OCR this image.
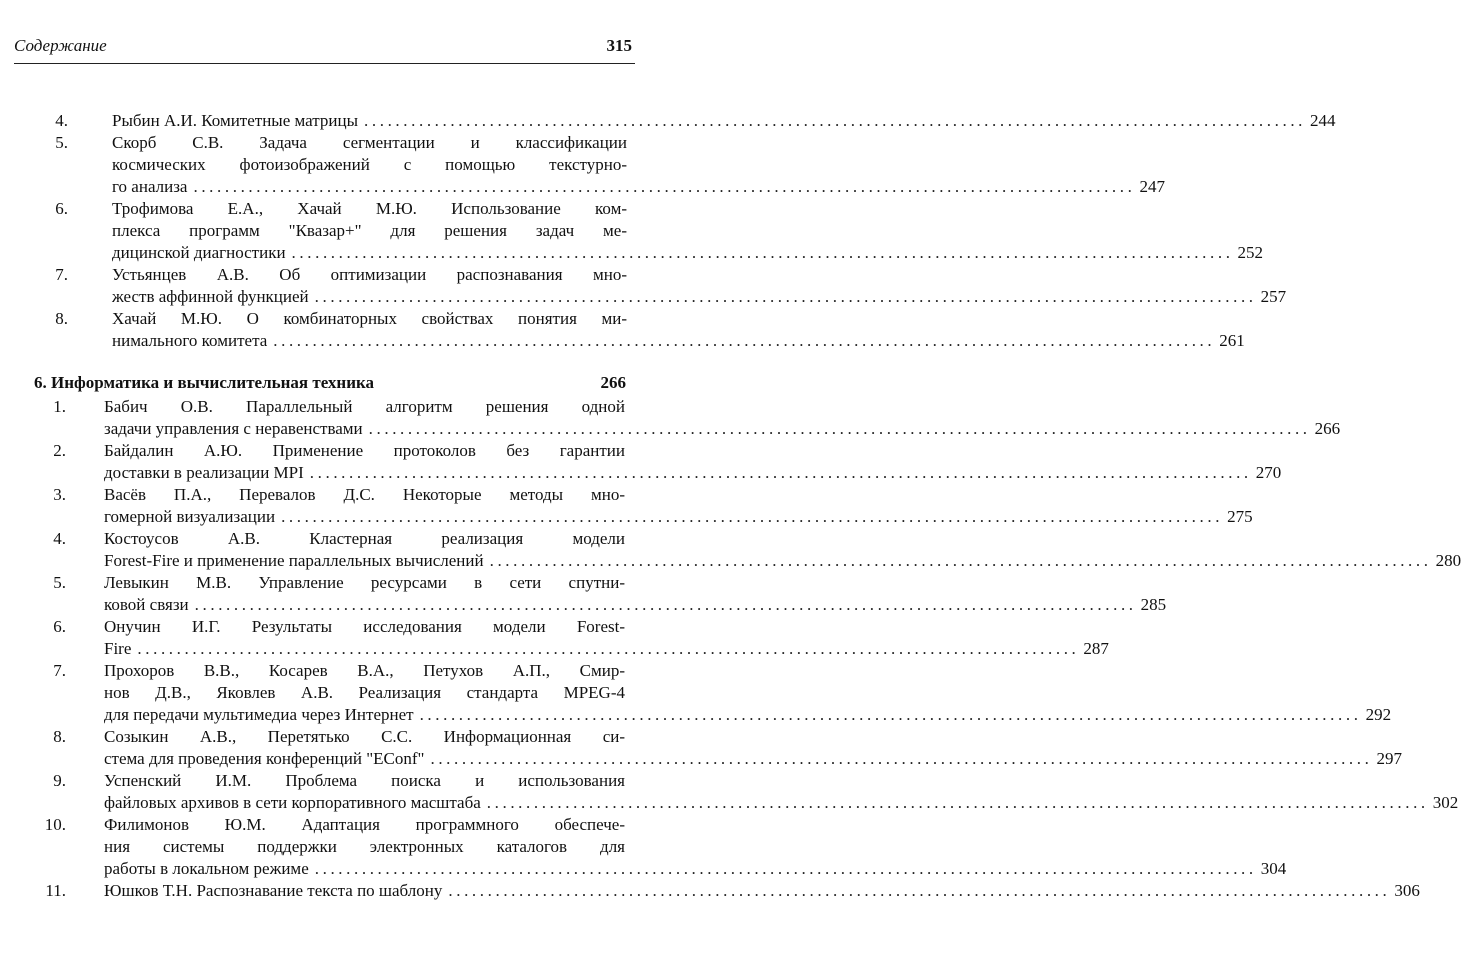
Содержание	315
4.	Рыбин А.И. Комитетные матрицы ........................................................................................................................ 244
5.	Скорб С.В. Задача сегментации и классификации
космических фотоизображений с помощью текстурно-
го анализа ........................................................................................................................ 247
6.	Трофимова Е.А., Хачай М.Ю. Использование ком-
плекса программ "Квазар+" для решения задач ме-
дицинской диагностики ........................................................................................................................ 252
7.	Устьянцев А.В. Об оптимизации распознавания мно-
жеств аффинной функцией ........................................................................................................................ 257
8.	Хачай М.Ю. О комбинаторных свойствах понятия ми-
нимального комитета ........................................................................................................................ 261
6. Информатика и вычислительная техника	266
1. Бабич О.В. Параллельный алгоритм решения одной
задачи управления с неравенствами ........................................................................................................................ 266
2. Байдалин А.Ю. Применение протоколов без гарантии
доставки в реализации MPI ........................................................................................................................ 270
3. Васёв П.А., Перевалов Д.С. Некоторые методы мно-
гомерной визуализации ........................................................................................................................ 275
4. Костоусов А.В. Кластерная реализация модели
Forest-Fire и применение параллельных вычислений ........................................................................................................................ 280
5. Левыкин М.В. Управление ресурсами в сети спутни-
ковой связи ........................................................................................................................ 285
6. Онучин И.Г. Результаты исследования модели Forest-
Fire ........................................................................................................................ 287
7. Прохоров В.В., Косарев В.А., Петухов А.П., Смир-
нов Д.В., Яковлев А.В. Реализация стандарта MPEG-4
для передачи мультимедиа через Интернет ........................................................................................................................ 292
8. Созыкин А.В., Перетятько С.С. Информационная си-
стема для проведения конференций "EConf" ........................................................................................................................ 297
9. Успенский И.М. Проблема поиска и использования
файловых архивов в сети корпоративного масштаба ........................................................................................................................ 302
10. Филимонов Ю.М. Адаптация программного обеспече-
ния системы поддержки электронных каталогов для
работы в локальном режиме ........................................................................................................................ 304
11. Юшков Т.Н. Распознавание текста по шаблону ........................................................................................................................ 306
